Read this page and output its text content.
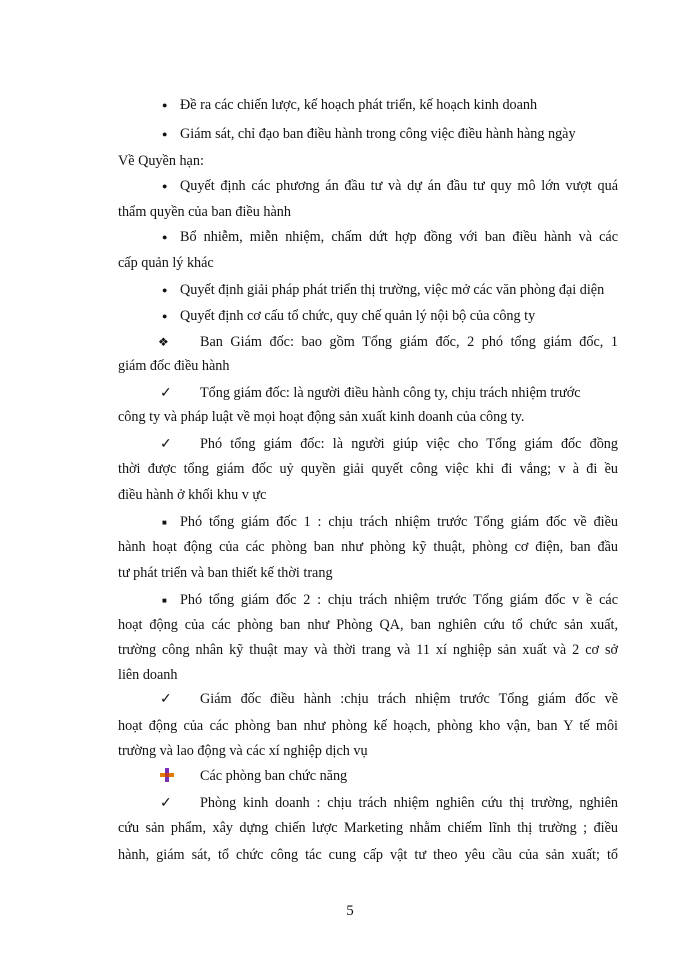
●
●
●
●
●
●
❖
✓
✓
■
■
✓
✓
Đề ra các chiến lược, kế hoạch phát triển, kế hoạch kinh doanh
Giám sát, chỉ đạo ban điều hành trong công việc điều hành hàng ngày
Về Quyền hạn:
Quyết định các phương án đầu tư và dự án đầu tư quy mô lớn vượt quá
thẩm quyền của ban điều hành
Bổ nhiễm, miễn nhiệm, chấm dứt hợp đồng với ban điều hành và các
cấp quản lý khác
Quyết định giải pháp phát triển thị trường, việc mở các văn phòng đại diện
Quyết định cơ cấu tổ chức, quy chế quản lý nội bộ của công ty
Ban Giám đốc: bao gồm Tổng giám đốc, 2 phó tổng giám đốc, 1
giám đốc điều hành
Tổng giám đốc: là người điều hành công ty, chịu trách nhiệm trước
công ty và pháp luật về mọi hoạt động sản xuất kinh doanh của công ty.
Phó tổng giám đốc: là người giúp việc cho Tổng giám đốc đồng
thời được tổng giám đốc uỷ quyền giải quyết công việc khi đi vắng; v à đi ều
điều hành ở khối khu v ực
Phó tổng giám đốc 1 : chịu trách nhiệm trước Tổng giám đốc về điều
hành hoạt động của các phòng ban như phòng kỹ thuật, phòng cơ điện, ban đầu
tư phát triển và ban thiết kế thời trang
Phó tổng giám đốc 2 : chịu trách nhiệm trước Tổng giám đốc v ề các
hoạt động của các phòng ban như Phòng QA, ban nghiên cứu tổ chức sản xuất,
trường công nhân kỹ thuật may và thời trang và 11 xí nghiệp sản xuất và 2 cơ sở
liên doanh
Giám đốc điều hành :chịu trách nhiệm trước Tổng giám đốc về
hoạt động của các phòng ban như phòng kế hoạch, phòng kho vận, ban Y tế môi
trường và lao động và các xí nghiệp dịch vụ
Các phòng ban chức năng
Phòng kinh doanh : chịu trách nhiệm nghiên cứu thị trường, nghiên
cứu sản phẩm, xây dựng chiến lược Marketing nhằm chiếm lĩnh thị trường ; điều
hành, giám sát, tổ chức công tác cung cấp vật tư theo yêu cầu của sản xuất; tổ
5
